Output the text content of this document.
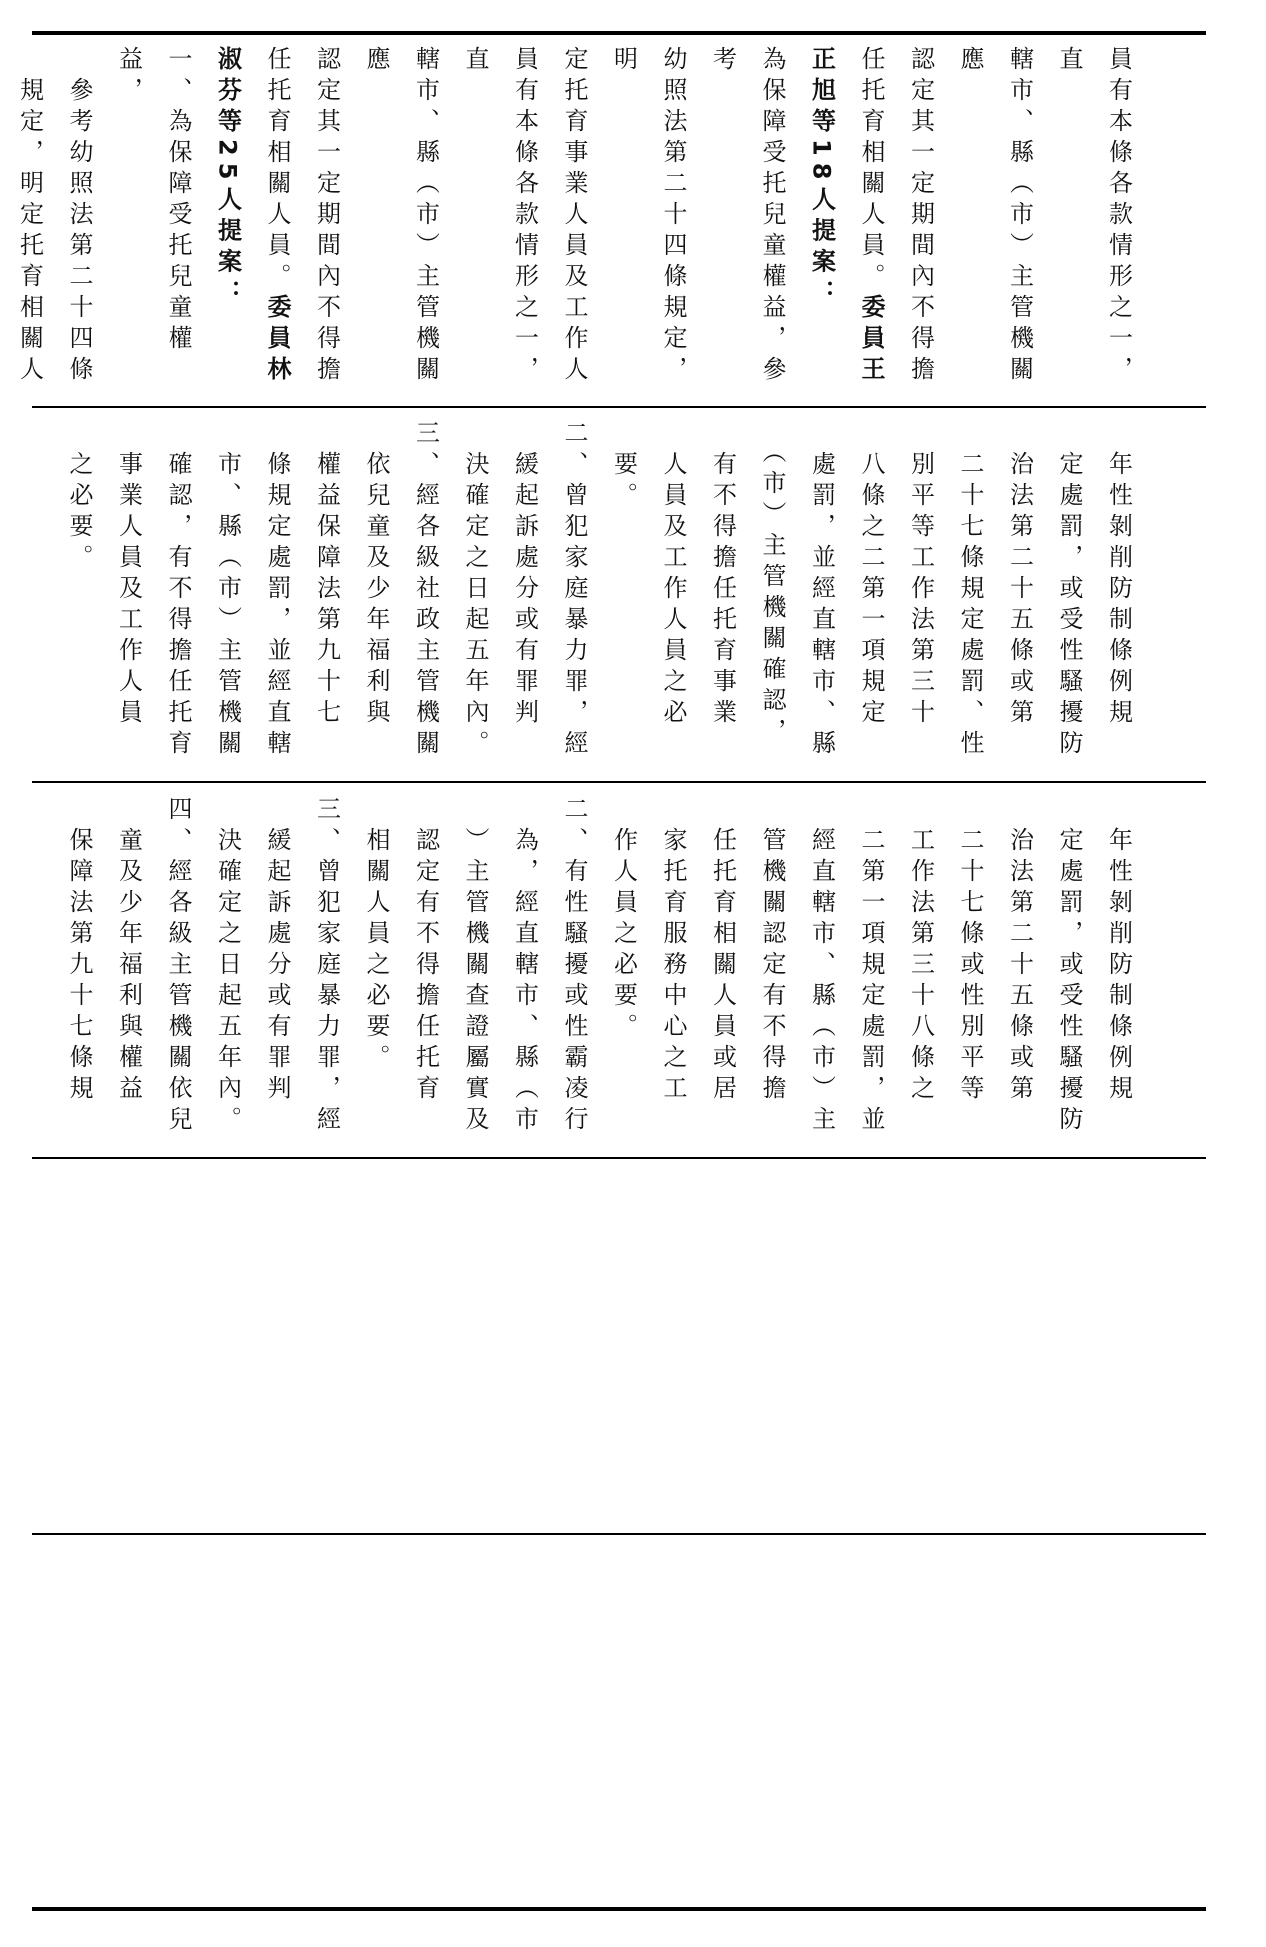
員有本條各款情形之一，直
轄市、縣（市）主管機關應
認定其一定期間內不得擔
任托育相關人員。委員王正旭等18人提案：
為保障受托兒童權益，參考
幼照法第二十四條規定，明
定托育事業人員及工作人
員有本條各款情形之一，直
轄市、縣（市）主管機關應
認定其一定期間內不得擔
任托育相關人員。委員林淑芬等25人提案：
一、為保障受托兒童權益，
　參考幼照法第二十四條
　規定，明定托育相關人

　年性剝削防制條例規
　定處罰，或受性騷擾防
　治法第二十五條或第
　二十七條規定處罰、性
　別平等工作法第三十
　八條之二第一項規定
　處罰，並經直轄市、縣
　（市）主管機關確認，
　有不得擔任托育事業
　人員及工作人員之必
　要。
二、曾犯家庭暴力罪，經
　緩起訴處分或有罪判
　決確定之日起五年內。
三、經各級社政主管機關
　依兒童及少年福利與
　權益保障法第九十七
　條規定處罰，並經直轄
　市、縣（市）主管機關
　確認，有不得擔任托育
　事業人員及工作人員
　之必要。

　年性剝削防制條例規
　定處罰，或受性騷擾防
　治法第二十五條或第
　二十七條或性別平等
　工作法第三十八條之
　二第一項規定處罰，並
　經直轄市、縣（市）主
　管機關認定有不得擔
　任托育相關人員或居
　家托育服務中心之工
　作人員之必要。
二、有性騷擾或性霸凌行
　為，經直轄市、縣（市
　）主管機關查證屬實及
　認定有不得擔任托育
　相關人員之必要。
三、曾犯家庭暴力罪，經
　緩起訴處分或有罪判
　決確定之日起五年內。
四、經各級主管機關依兒
　童及少年福利與權益
　保障法第九十七條規
